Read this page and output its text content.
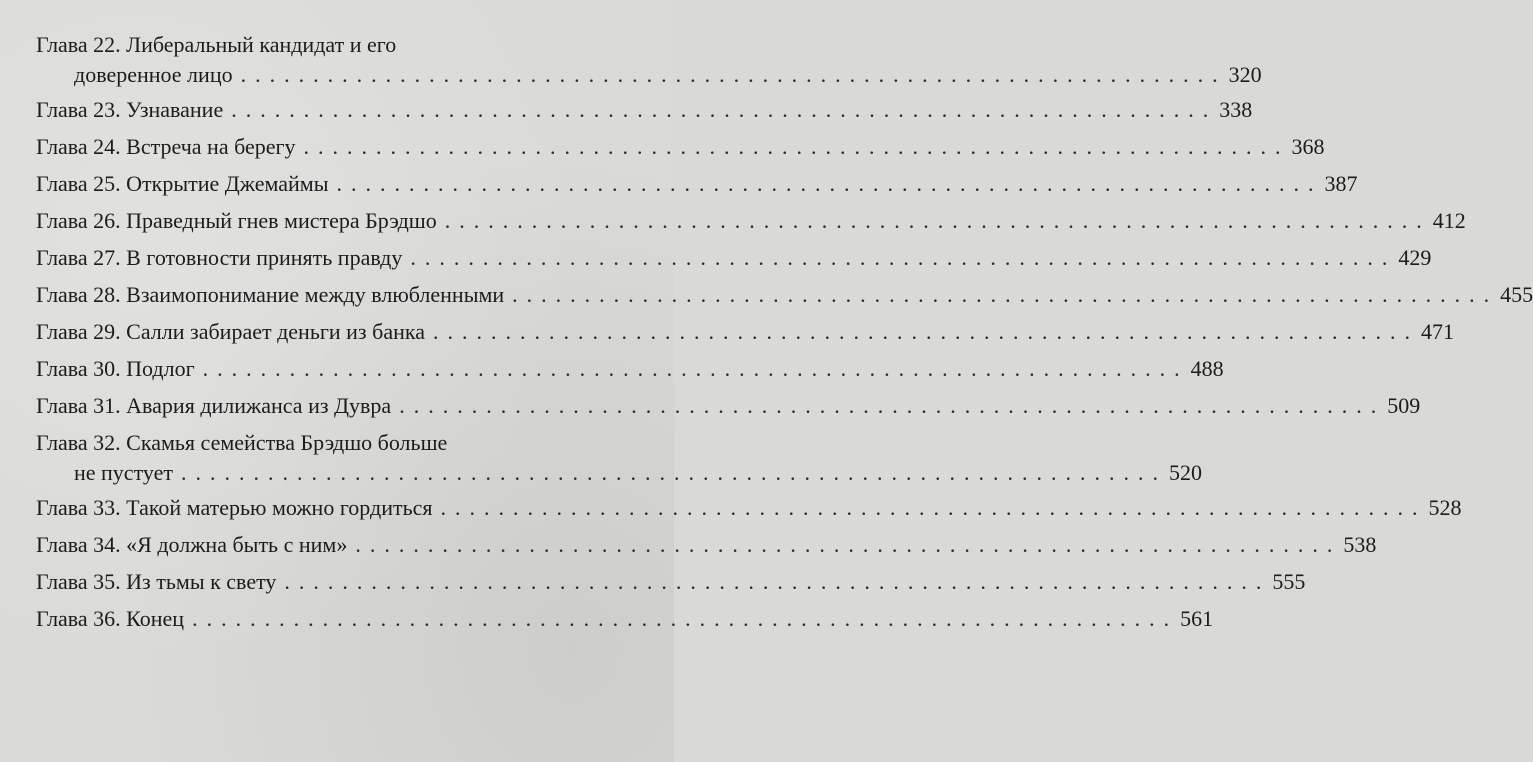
Глава 22. Либеральный кандидат и его
доверенное лицо .................................................................... 320
Глава 23. Узнавание .................................................................... 338
Глава 24. Встреча на берегу .................................................................... 368
Глава 25. Открытие Джемаймы .................................................................... 387
Глава 26. Праведный гнев мистера Брэдшо .................................................................... 412
Глава 27. В готовности принять правду .................................................................... 429
Глава 28. Взаимопонимание между влюбленными .................................................................... 455
Глава 29. Салли забирает деньги из банка .................................................................... 471
Глава 30. Подлог .................................................................... 488
Глава 31. Авария дилижанса из Дувра .................................................................... 509
Глава 32. Скамья семейства Брэдшо больше
не пустует .................................................................... 520
Глава 33. Такой матерью можно гордиться .................................................................... 528
Глава 34. «Я должна быть с ним» .................................................................... 538
Глава 35. Из тьмы к свету .................................................................... 555
Глава 36. Конец .................................................................... 561
